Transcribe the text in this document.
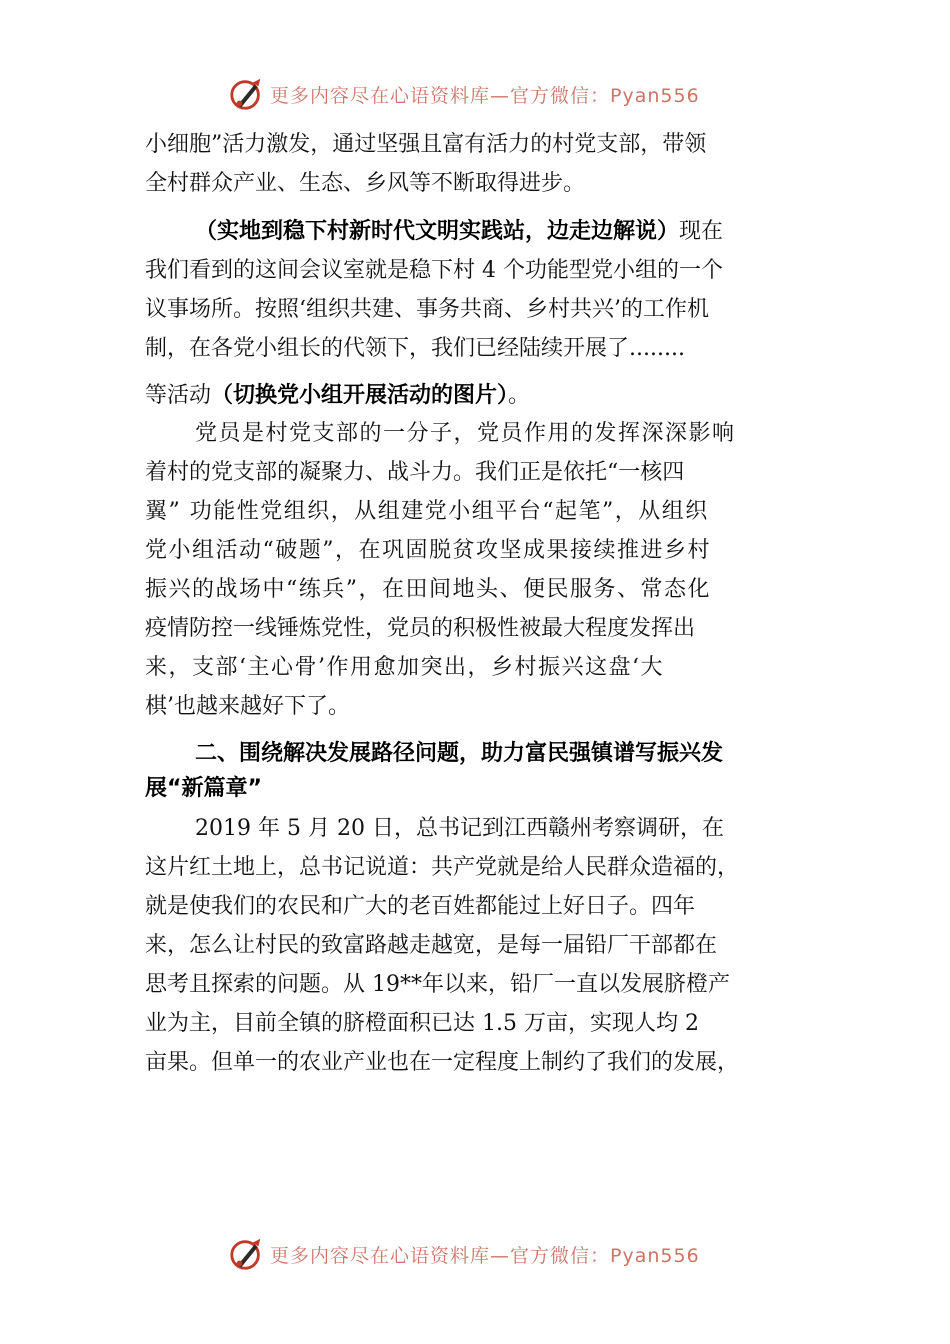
更多内容尽在心语资料库—官方微信：Pyan556
小细胞”活力激发，通过坚强且富有活力的村党支部，带领
全村群众产业、生态、乡风等不断取得进步。
（实地到稳下村新时代文明实践站，边走边解说）现在
我们看到的这间会议室就是稳下村 4 个功能型党小组的一个
议事场所。按照‘组织共建、事务共商、乡村共兴’的工作机
制，在各党小组长的代领下，我们已经陆续开展了........
等活动（切换党小组开展活动的图片）。
党员是村党支部的一分子，党员作用的发挥深深影响
着村的党支部的凝聚力、战斗力。我们正是依托“一核四
翼” 功能性党组织，从组建党小组平台“起笔”，从组织
党小组活动“破题”，在巩固脱贫攻坚成果接续推进乡村
振兴的战场中“练兵”，在田间地头、便民服务、常态化
疫情防控一线锤炼党性，党员的积极性被最大程度发挥出
来，支部‘主心骨’作用愈加突出，乡村振兴这盘‘大
棋’也越来越好下了。
二、围绕解决发展路径问题，助力富民强镇谱写振兴发
展“新篇章”
2019 年 5 月 20 日，总书记到江西赣州考察调研，在
这片红土地上，总书记说道：共产党就是给人民群众造福的，
就是使我们的农民和广大的老百姓都能过上好日子。四年
来，怎么让村民的致富路越走越宽，是每一届铅厂干部都在
思考且探索的问题。从 19**年以来，铅厂一直以发展脐橙产
业为主，目前全镇的脐橙面积已达 1.5 万亩，实现人均 2
亩果。但单一的农业产业也在一定程度上制约了我们的发展，
更多内容尽在心语资料库—官方微信：Pyan556
